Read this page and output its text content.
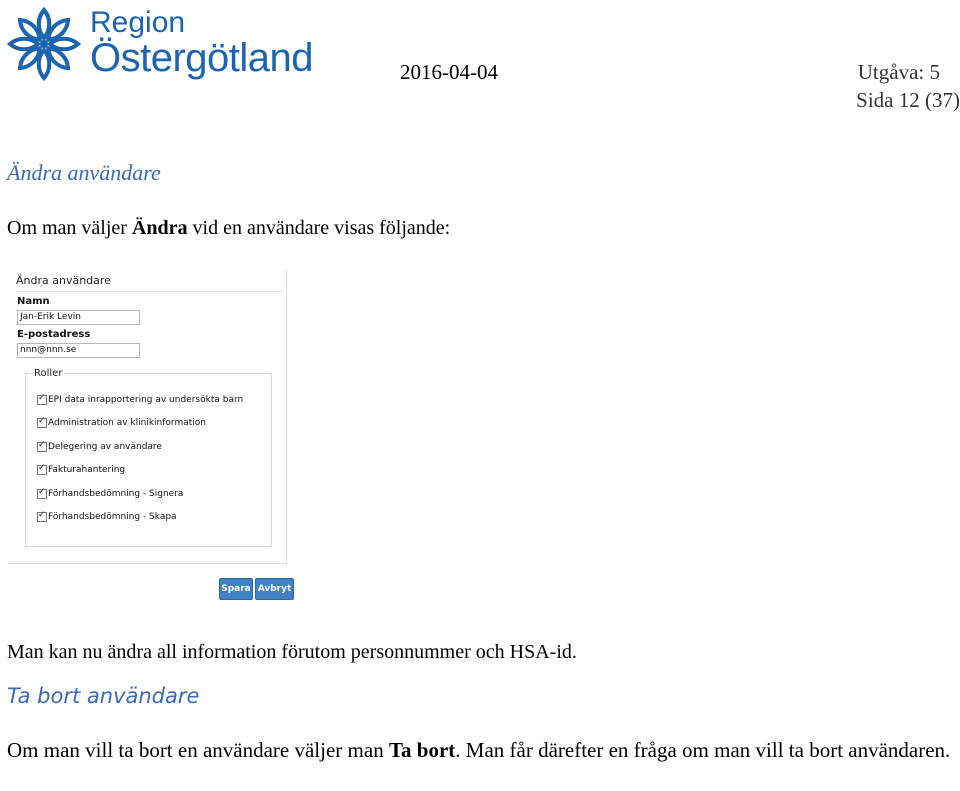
Region
Östergötland	2016-04-04	Utgåva: 5
Sida 12 (37)
Ändra användare
Om man väljer Ändra vid en användare visas följande:
Ändra användare
Namn
Jan-Erik Levin
E-postadress
nnn@nnn.se
Roller
✓
EPI data inrapportering av undersökta barn
✓
Administration av klinikinformation
✓
Delegering av användare
✓
Fakturahantering
✓
Förhandsbedömning - Signera
✓
Förhandsbedömning - Skapa
Spara Avbryt
Man kan nu ändra all information förutom personnummer och HSA-id.
Ta bort användare
Om man vill ta bort en användare väljer man Ta bort. Man får därefter en fråga om man vill ta bort användaren.
